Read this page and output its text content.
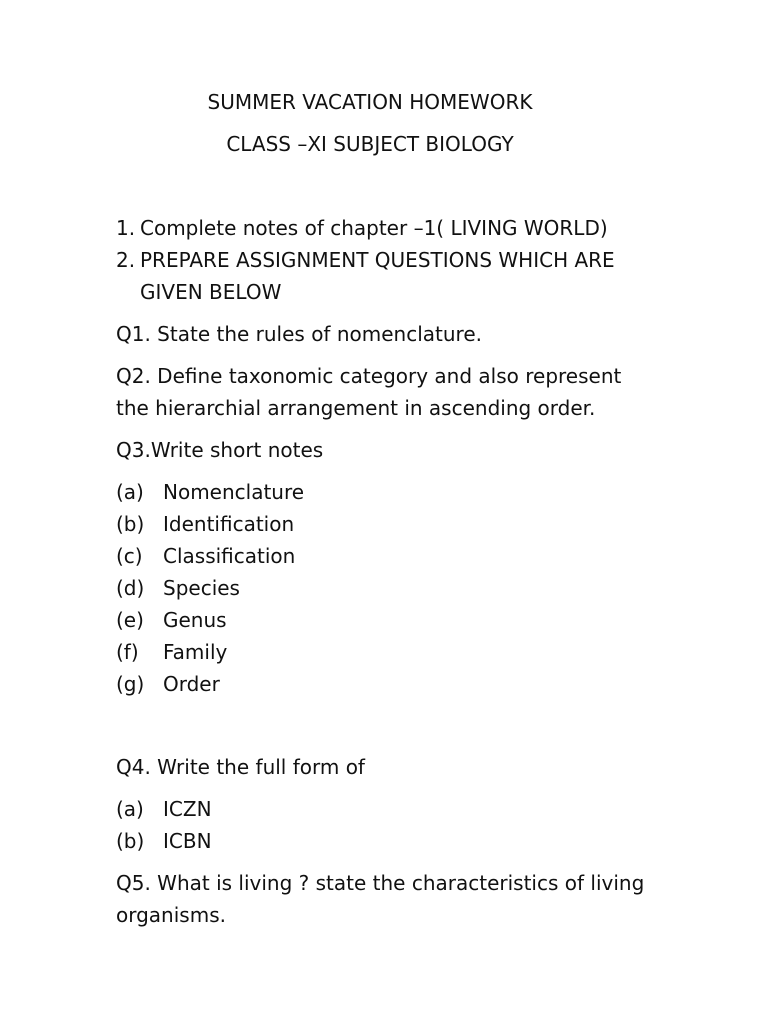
SUMMER VACATION HOMEWORK
CLASS –XI SUBJECT BIOLOGY
1. Complete notes of chapter –1( LIVING WORLD)
2. PREPARE ASSIGNMENT QUESTIONS WHICH ARE
GIVEN BELOW
Q1. State the rules of nomenclature.
Q2. Define taxonomic category and also represent
the hierarchial arrangement in ascending order.
Q3.Write short notes
(a) Nomenclature
(b) Identification
(c) Classification
(d) Species
(e) Genus
(f) Family
(g) Order
Q4. Write the full form of
(a) ICZN
(b) ICBN
Q5. What is living ? state the characteristics of living
organisms.
